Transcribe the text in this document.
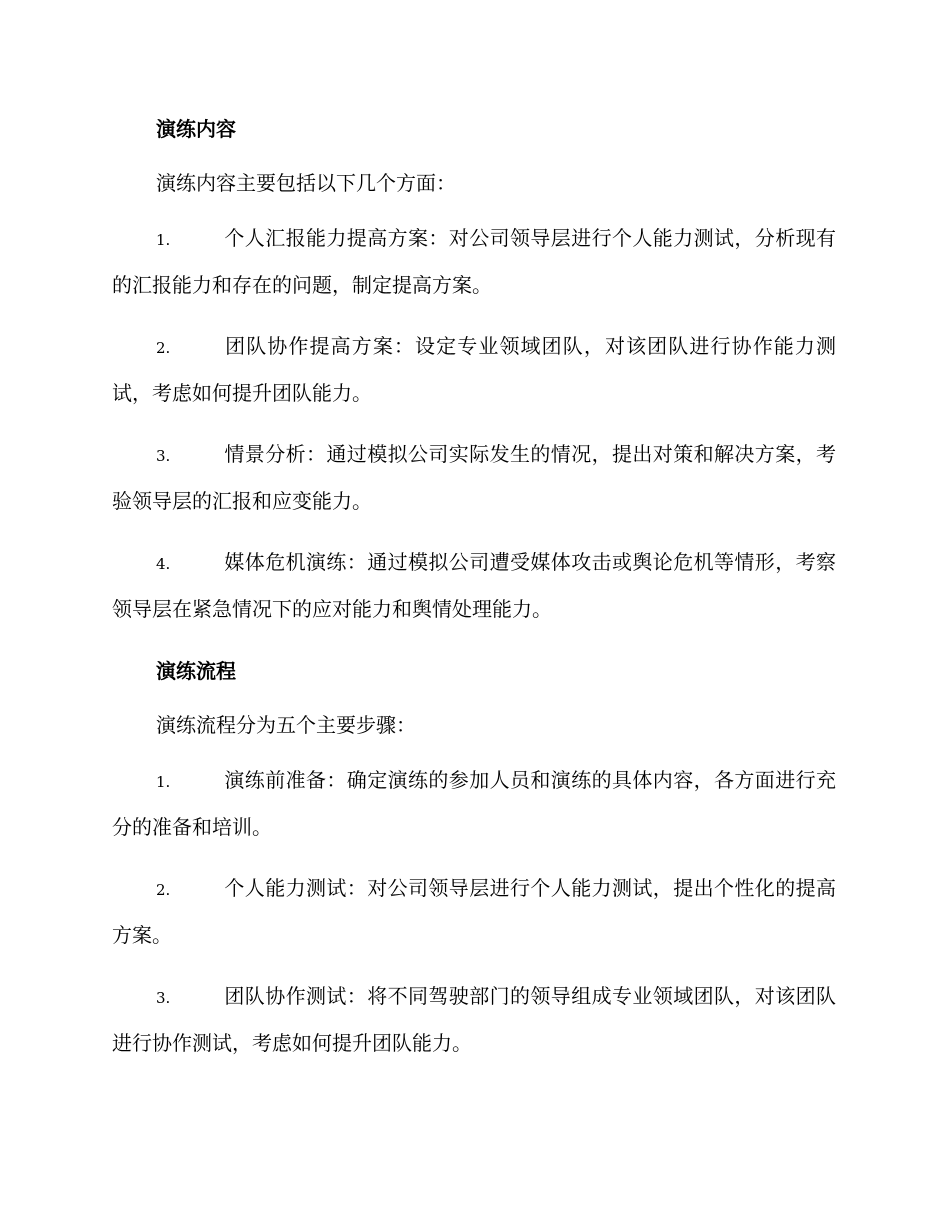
演练内容

演练内容主要包括以下几个方面：

1.	个人汇报能力提高方案：对公司领导层进行个人能力测试，分析现有的汇报能力和存在的问题，制定提高方案。

2.	团队协作提高方案：设定专业领域团队，对该团队进行协作能力测试，考虑如何提升团队能力。

3.	情景分析：通过模拟公司实际发生的情况，提出对策和解决方案，考验领导层的汇报和应变能力。

4.	媒体危机演练：通过模拟公司遭受媒体攻击或舆论危机等情形，考察领导层在紧急情况下的应对能力和舆情处理能力。

演练流程

演练流程分为五个主要步骤：

1.	演练前准备：确定演练的参加人员和演练的具体内容，各方面进行充分的准备和培训。

2.	个人能力测试：对公司领导层进行个人能力测试，提出个性化的提高方案。

3.	团队协作测试：将不同驾驶部门的领导组成专业领域团队，对该团队进行协作测试，考虑如何提升团队能力。
